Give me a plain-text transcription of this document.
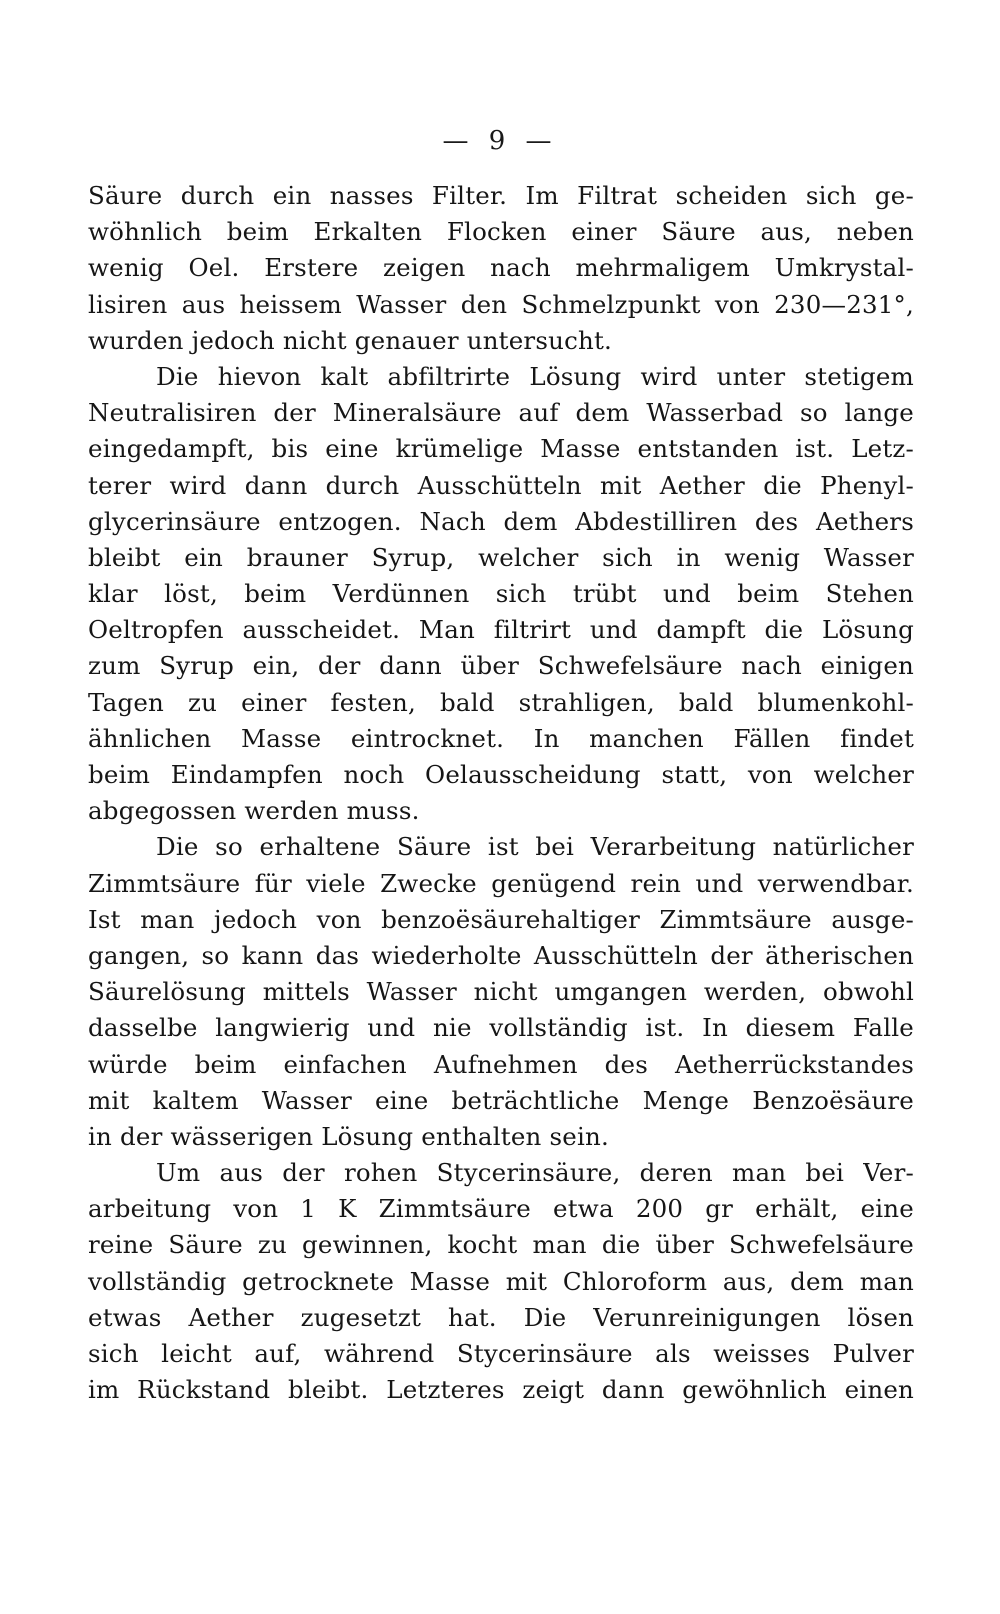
— 9 —
Säure durch ein nasses Filter. Im Filtrat scheiden sich ge-
wöhnlich beim Erkalten Flocken einer Säure aus, neben
wenig Oel. Erstere zeigen nach mehrmaligem Umkrystal-
lisiren aus heissem Wasser den Schmelzpunkt von 230—231°,
wurden jedoch nicht genauer untersucht.
Die hievon kalt abfiltrirte Lösung wird unter stetigem
Neutralisiren der Mineralsäure auf dem Wasserbad so lange
eingedampft, bis eine krümelige Masse entstanden ist. Letz-
terer wird dann durch Ausschütteln mit Aether die Phenyl-
glycerinsäure entzogen. Nach dem Abdestilliren des Aethers
bleibt ein brauner Syrup, welcher sich in wenig Wasser
klar löst, beim Verdünnen sich trübt und beim Stehen
Oeltropfen ausscheidet. Man filtrirt und dampft die Lösung
zum Syrup ein, der dann über Schwefelsäure nach einigen
Tagen zu einer festen, bald strahligen, bald blumenkohl-
ähnlichen Masse eintrocknet. In manchen Fällen findet
beim Eindampfen noch Oelausscheidung statt, von welcher
abgegossen werden muss.
Die so erhaltene Säure ist bei Verarbeitung natürlicher
Zimmtsäure für viele Zwecke genügend rein und verwendbar.
Ist man jedoch von benzoësäurehaltiger Zimmtsäure ausge-
gangen, so kann das wiederholte Ausschütteln der ätherischen
Säurelösung mittels Wasser nicht umgangen werden, obwohl
dasselbe langwierig und nie vollständig ist. In diesem Falle
würde beim einfachen Aufnehmen des Aetherrückstandes
mit kaltem Wasser eine beträchtliche Menge Benzoësäure
in der wässerigen Lösung enthalten sein.
Um aus der rohen Stycerinsäure, deren man bei Ver-
arbeitung von 1 K Zimmtsäure etwa 200 gr erhält, eine
reine Säure zu gewinnen, kocht man die über Schwefelsäure
vollständig getrocknete Masse mit Chloroform aus, dem man
etwas Aether zugesetzt hat. Die Verunreinigungen lösen
sich leicht auf, während Stycerinsäure als weisses Pulver
im Rückstand bleibt. Letzteres zeigt dann gewöhnlich einen
